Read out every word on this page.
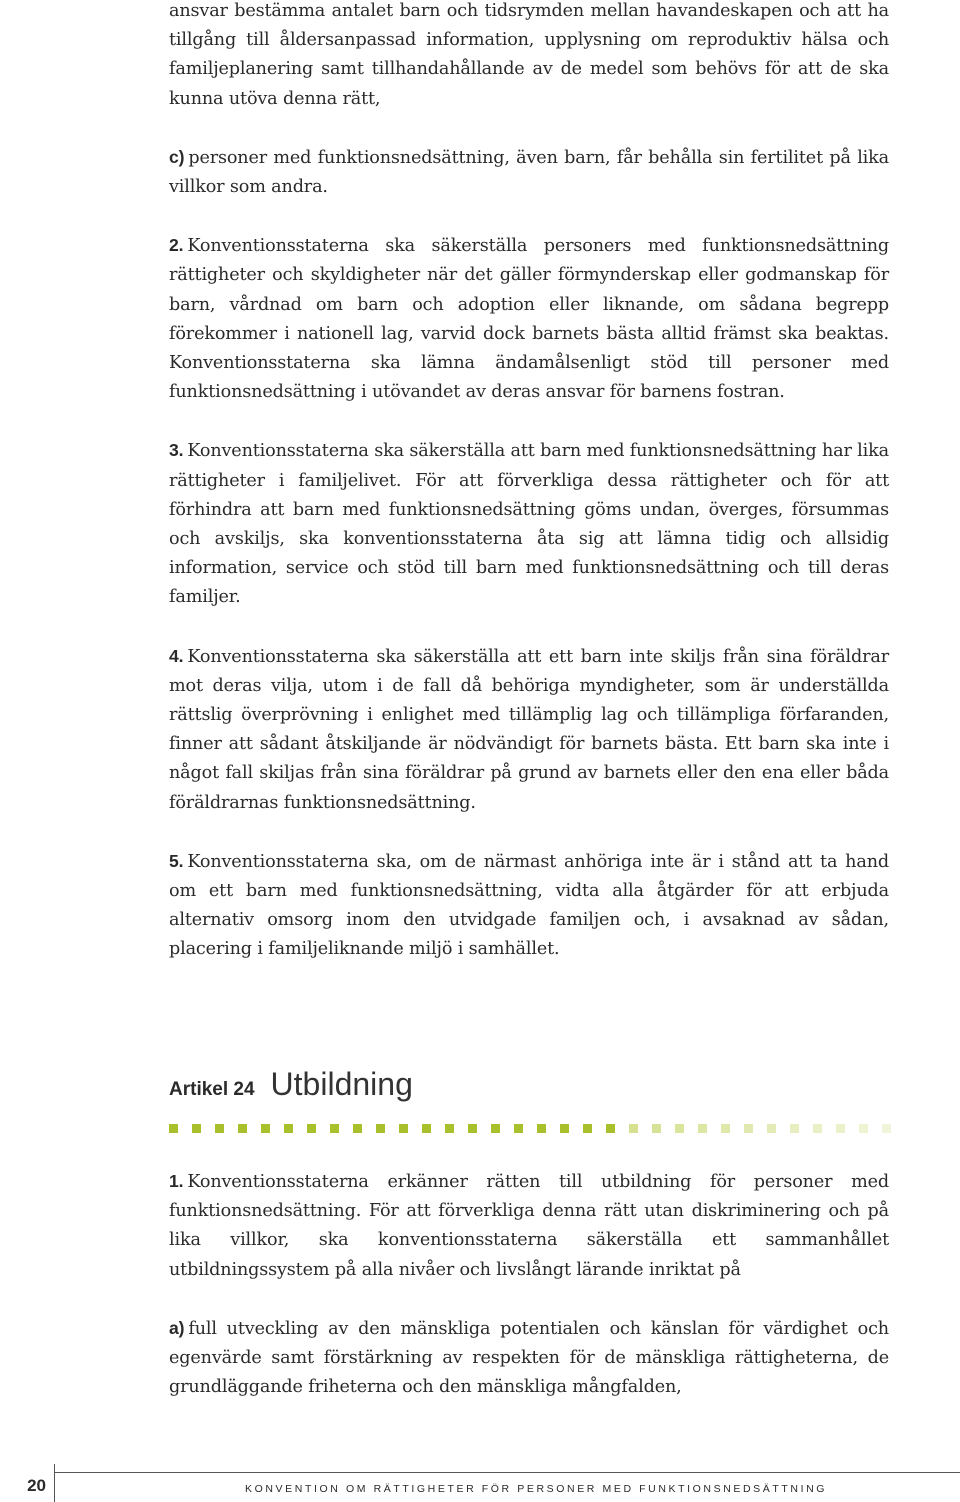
ansvar bestämma antalet barn och tidsrymden mellan havandeskapen och att ha tillgång till åldersanpassad information, upplysning om reproduktiv hälsa och familjeplanering samt tillhandahållande av de medel som behövs för att de ska kunna utöva denna rätt,

c) personer med funktionsnedsättning, även barn, får behålla sin fertilitet på lika villkor som andra.

2. Konventionsstaterna ska säkerställa personers med funktionsnedsättning rättigheter och skyldigheter när det gäller förmynderskap eller godmanskap för barn, vårdnad om barn och adoption eller liknande, om sådana begrepp förekommer i nationell lag, varvid dock barnets bästa alltid främst ska beaktas. Konventionsstaterna ska lämna ändamålsenligt stöd till personer med funktionsnedsättning i utövandet av deras ansvar för barnens fostran.

3. Konventionsstaterna ska säkerställa att barn med funktionsnedsättning har lika rättigheter i familjelivet. För att förverkliga dessa rättigheter och för att förhindra att barn med funktionsnedsättning göms undan, överges, försummas och avskiljs, ska konventionsstaterna åta sig att lämna tidig och allsidig information, service och stöd till barn med funktionsnedsättning och till deras familjer.

4. Konventionsstaterna ska säkerställa att ett barn inte skiljs från sina föräldrar mot deras vilja, utom i de fall då behöriga myndigheter, som är underställda rättslig överprövning i enlighet med tillämplig lag och tillämpliga förfaranden, finner att sådant åtskiljande är nödvändigt för barnets bästa. Ett barn ska inte i något fall skiljas från sina föräldrar på grund av barnets eller den ena eller båda föräldrarnas funktionsnedsättning.

5. Konventionsstaterna ska, om de närmast anhöriga inte är i stånd att ta hand om ett barn med funktionsnedsättning, vidta alla åtgärder för att erbjuda alternativ omsorg inom den utvidgade familjen och, i avsaknad av sådan, placering i familjeliknande miljö i samhället.

Artikel 24 Utbildning

1. Konventionsstaterna erkänner rätten till utbildning för personer med funktionsnedsättning. För att förverkliga denna rätt utan diskriminering och på lika villkor, ska konventionsstaterna säkerställa ett sammanhållet utbildningssystem på alla nivåer och livslångt lärande inriktat på

a) full utveckling av den mänskliga potentialen och känslan för värdighet och egenvärde samt förstärkning av respekten för de mänskliga rättigheterna, de grundläggande friheterna och den mänskliga mångfalden,

20	KONVENTION OM RÄTTIGHETER FÖR PERSONER MED FUNKTIONSNEDSÄTTNING
